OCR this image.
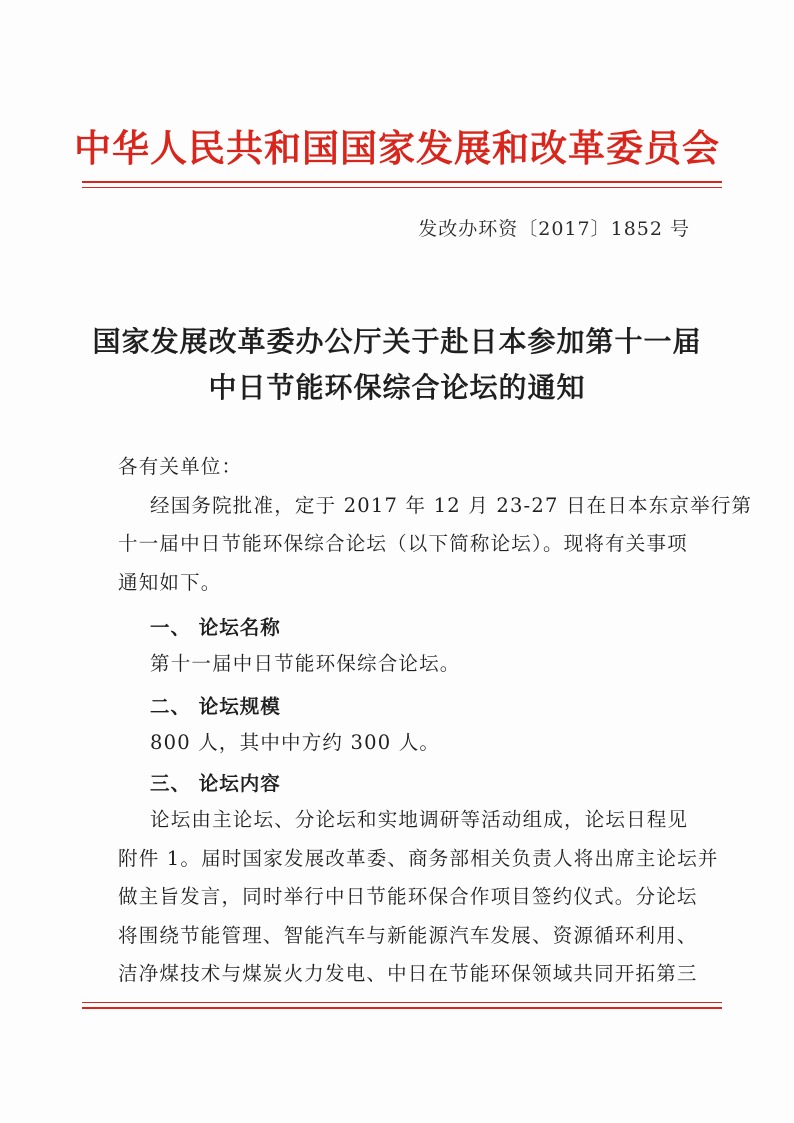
中华人民共和国国家发展和改革委员会
发改办环资〔2017〕1852 号
国家发展改革委办公厅关于赴日本参加第十一届
中日节能环保综合论坛的通知
各有关单位：
经国务院批准，定于 2017 年 12 月 23-27 日在日本东京举行第
十一届中日节能环保综合论坛（以下简称论坛）。现将有关事项
通知如下。
一、 论坛名称
第十一届中日节能环保综合论坛。
二、 论坛规模
800 人，其中中方约 300 人。
三、 论坛内容
论坛由主论坛、分论坛和实地调研等活动组成，论坛日程见
附件 1。届时国家发展改革委、商务部相关负责人将出席主论坛并
做主旨发言，同时举行中日节能环保合作项目签约仪式。分论坛
将围绕节能管理、智能汽车与新能源汽车发展、资源循环利用、
洁净煤技术与煤炭火力发电、中日在节能环保领域共同开拓第三
